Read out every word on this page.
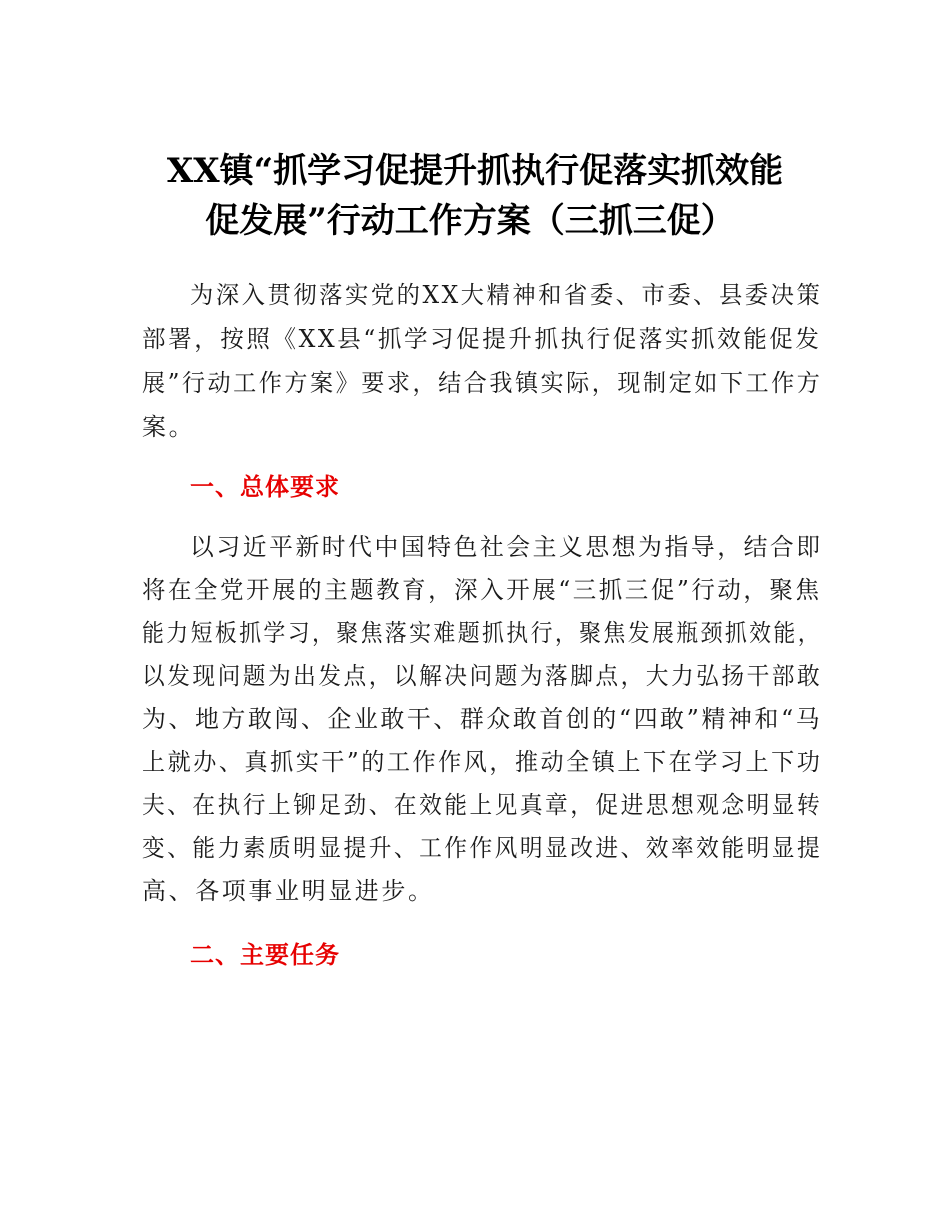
XX镇“抓学习促提升抓执行促落实抓效能
促发展”行动工作方案（三抓三促）
为深入贯彻落实党的XX大精神和省委、市委、县委决策
部署，按照《XX县“抓学习促提升抓执行促落实抓效能促发
展”行动工作方案》要求，结合我镇实际，现制定如下工作方
案。
一、总体要求
以习近平新时代中国特色社会主义思想为指导，结合即
将在全党开展的主题教育，深入开展“三抓三促”行动，聚焦
能力短板抓学习，聚焦落实难题抓执行，聚焦发展瓶颈抓效能，
以发现问题为出发点，以解决问题为落脚点，大力弘扬干部敢
为、地方敢闯、企业敢干、群众敢首创的“四敢”精神和“马
上就办、真抓实干”的工作作风，推动全镇上下在学习上下功
夫、在执行上铆足劲、在效能上见真章，促进思想观念明显转
变、能力素质明显提升、工作作风明显改进、效率效能明显提
高、各项事业明显进步。
二、主要任务
